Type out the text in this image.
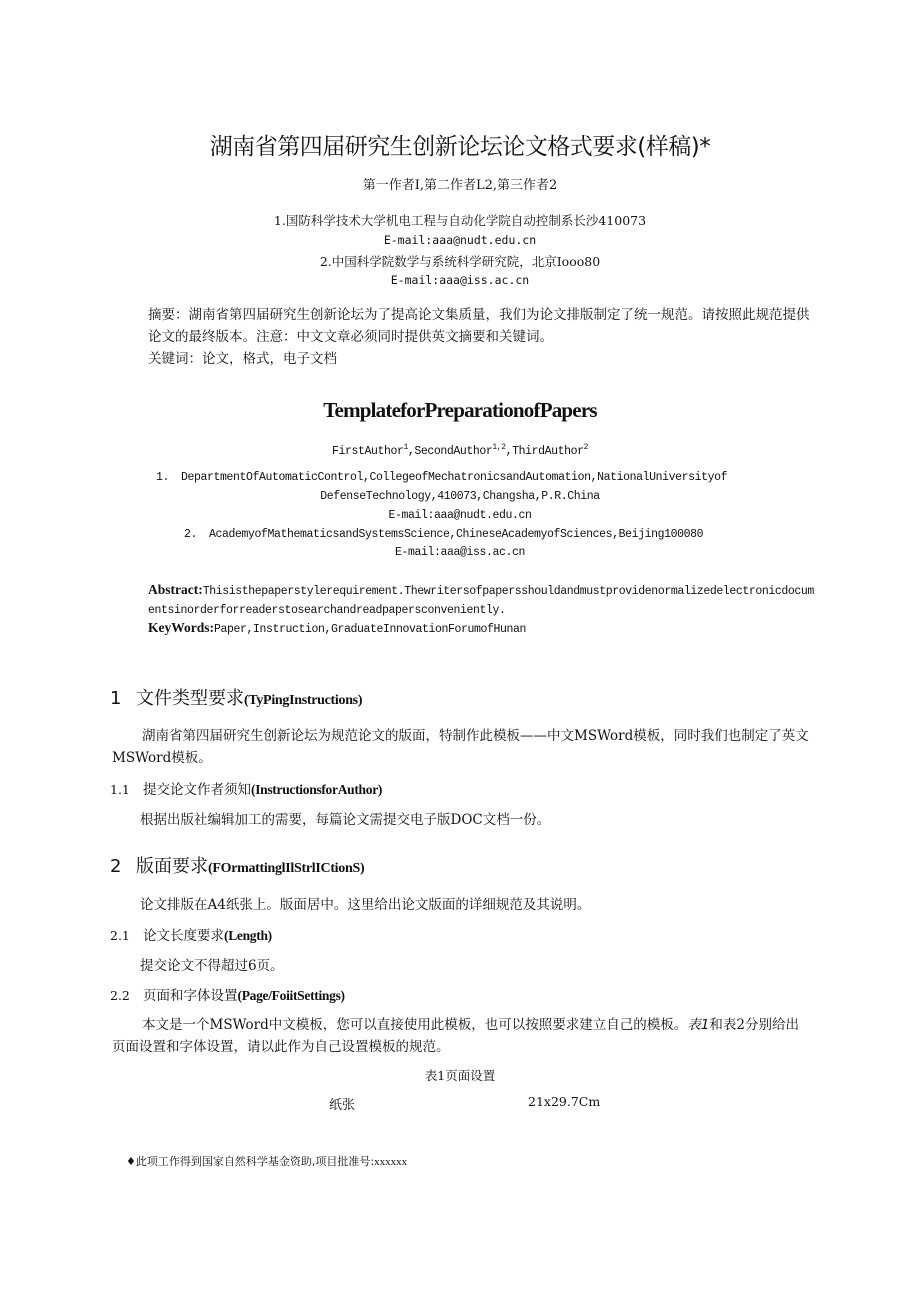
湖南省第四届研究生创新论坛论文格式要求(样稿)*
第一作者I,第二作者L2,第三作者2
1.国防科学技术大学机电工程与自动化学院自动控制系长沙410073
E-mail:aaa@nudt.edu.cn
2.中国科学院数学与系统科学研究院，北京Iooo80
E-mail:aaa@iss.ac.cn
摘要：湖南省第四届研究生创新论坛为了提高论文集质量，我们为论文排版制定了统一规范。请按照此规范提供论文的最终版本。注意：中文文章必须同时提供英文摘要和关键词。
关键词：论文，格式，电子文档
TemplateforPreparationofPapers
FirstAuthor$^1$,SecondAuthor$^{1,2}$,ThirdAuthor$^2$
1. DepartmentOfAutomaticControl,CollegeofMechatronicsandAutomation,NationalUniversityof
DefenseTechnology,410073,Changsha,P.R.China
E-mail:aaa@nudt.edu.cn
2. AcademyofMathematicsandSystemsScience,ChineseAcademyofSciences,Beijing100080
E-mail:aaa@iss.ac.cn
Abstract:Thisisthepaperstylerequirement.Thewritersofpapersshouldandmustprovidenormalizedelectronicdocumentsinorderforreaderstosearchandreadpapersconveniently.
KeyWords:Paper,Instruction,GraduateInnovationForumofHunan
1 文件类型要求(TyPingInstructions)
湖南省第四届研究生创新论坛为规范论文的版面，特制作此模板——中文MSWord模板，同时我们也制定了英文MSWord模板。
1.1 提交论文作者须知(InstructionsforAuthor)
根据出版社编辑加工的需要，每篇论文需提交电子版DOC文档一份。
2 版面要求(FOrmattinglIlStrlICtionS)
论文排版在A4纸张上。版面居中。这里给出论文版面的详细规范及其说明。
2.1 论文长度要求(Length)
提交论文不得超过6页。
2.2 页面和字体设置(Page/FoiitSettings)
本文是一个MSWord中文模板，您可以直接使用此模板，也可以按照要求建立自己的模板。表1和表2分别给出页面设置和字体设置，请以此作为自己设置模板的规范。
表1页面设置
纸张	21x29.7Cm
♦此项工作得到国家自然科学基金资助,项目批准号:xxxxxx
